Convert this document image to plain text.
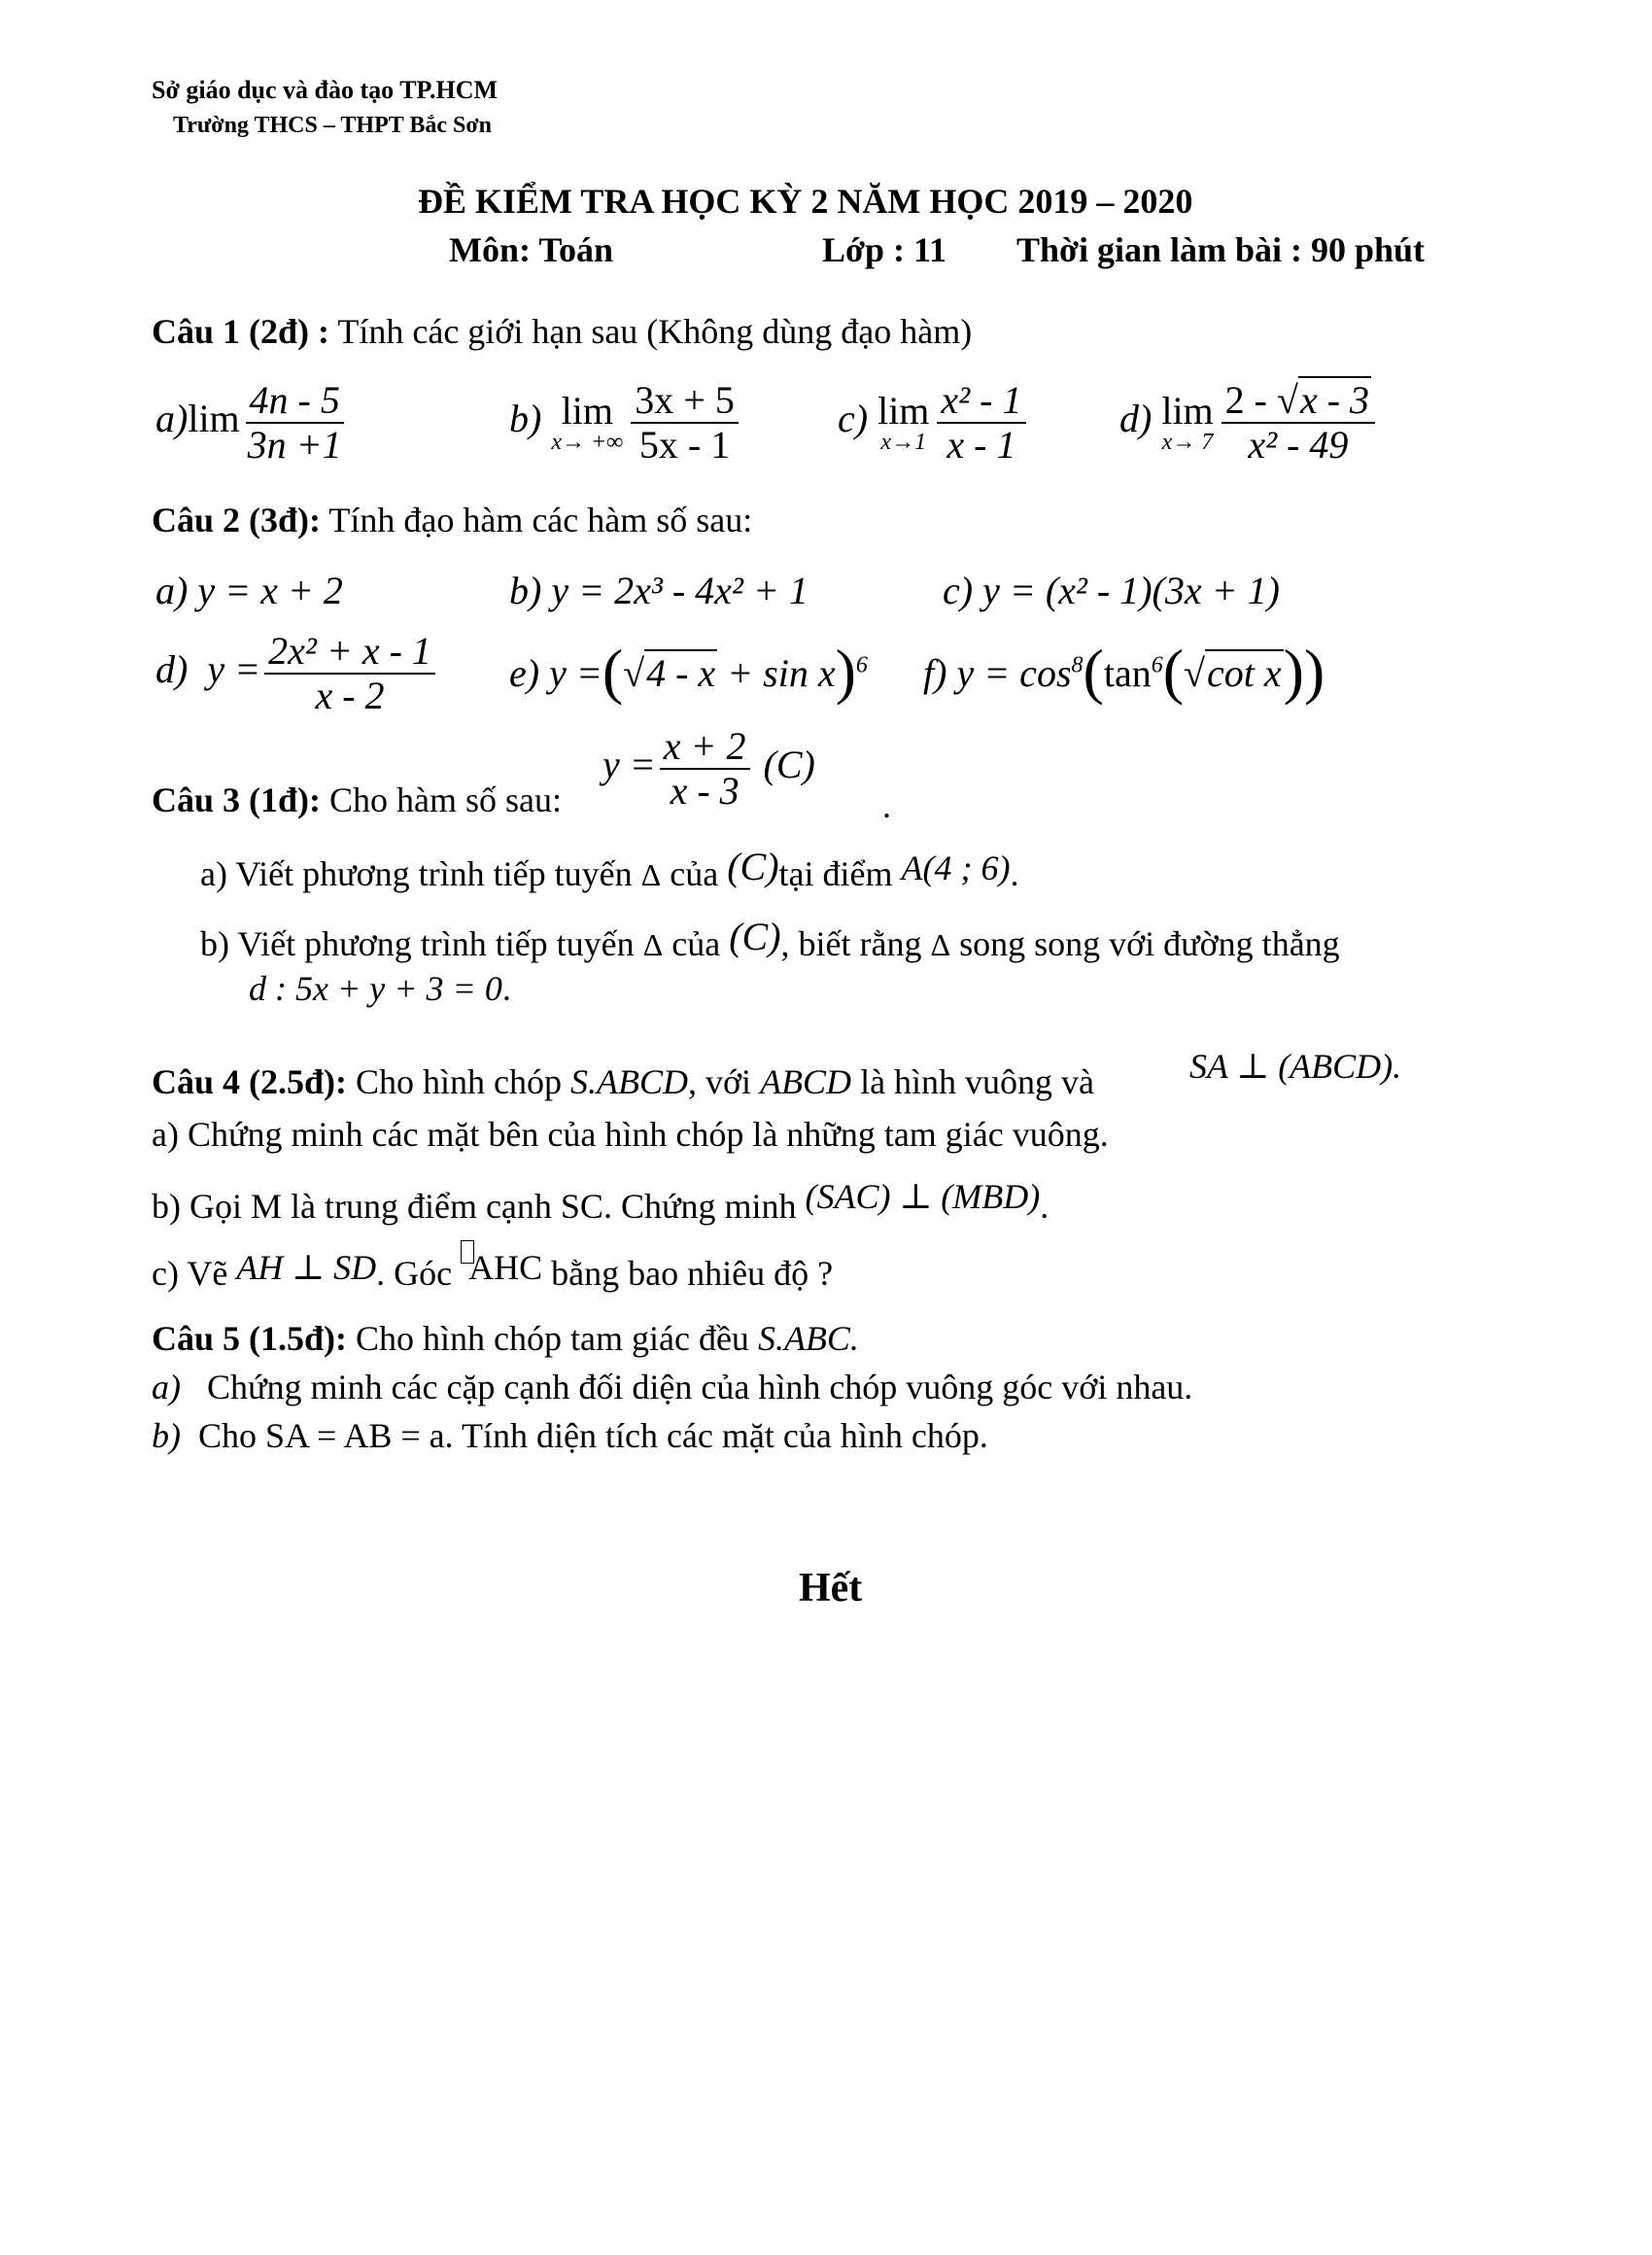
Sở giáo dục và đào tạo TP.HCM
Trường THCS – THPT Bắc Sơn
ĐỀ KIỂM TRA HỌC KỲ 2 NĂM HỌC 2019 – 2020
Môn: Toán	Lớp : 11 Thời gian làm bài : 90 phút
Câu 1 (2đ) : Tính các giới hạn sau (Không dùng đạo hàm)
$a)\lim \frac{4n - 5}{3n +1}$	b) lim
x→ +∞ $\frac{3x + 5}{5x - 1}$	c) lim
$x\to 1 \frac{\text{x² - 1}}{x - 1} d$) lim
$x\to 7 \frac{2 - √x - 3}{\text{x² - 49}}$
Câu 2 (3đ): Tính đạo hàm các hàm số sau:
a) y = x + 2	b) y = 2x³ - 4x² + 1	c) y = (x² - 1)(3x + 1)
d) $y = \frac{\text{2x² + x - 1}}{x - 2} e$) $y =(√4 - x + \sin x)^6$ f) $y = \cos^8(\tan^6(√\cot$ x))
Câu 3 (1đ): Cho hàm số sau:
$y = \frac{x + 2}{x - 3} (C)$
.
a) Viết phương trình tiếp tuyến Δ của (C)tại điểm A(4 ; 6).
b) Viết phương trình tiếp tuyến Δ của (C), biết rằng Δ song song với đường thẳng
d : 5x + y + 3 = 0.
Câu 4 (2.5đ): Cho hình chóp S.ABCD, với ABCD là hình vuông và	SA ⊥ (ABCD).
a) Chứng minh các mặt bên của hình chóp là những tam giác vuông.
b) Gọi M là trung điểm cạnh SC. Chứng minh (SAC) ⊥ (MBD).
c) Vẽ AH ⊥ SD. Góc AHC bằng bao nhiêu độ ?
Câu 5 (1.5đ): Cho hình chóp tam giác đều S.ABC.
a) Chứng minh các cặp cạnh đối diện của hình chóp vuông góc với nhau.
b) Cho SA = AB = a. Tính diện tích các mặt của hình chóp.
Hết
